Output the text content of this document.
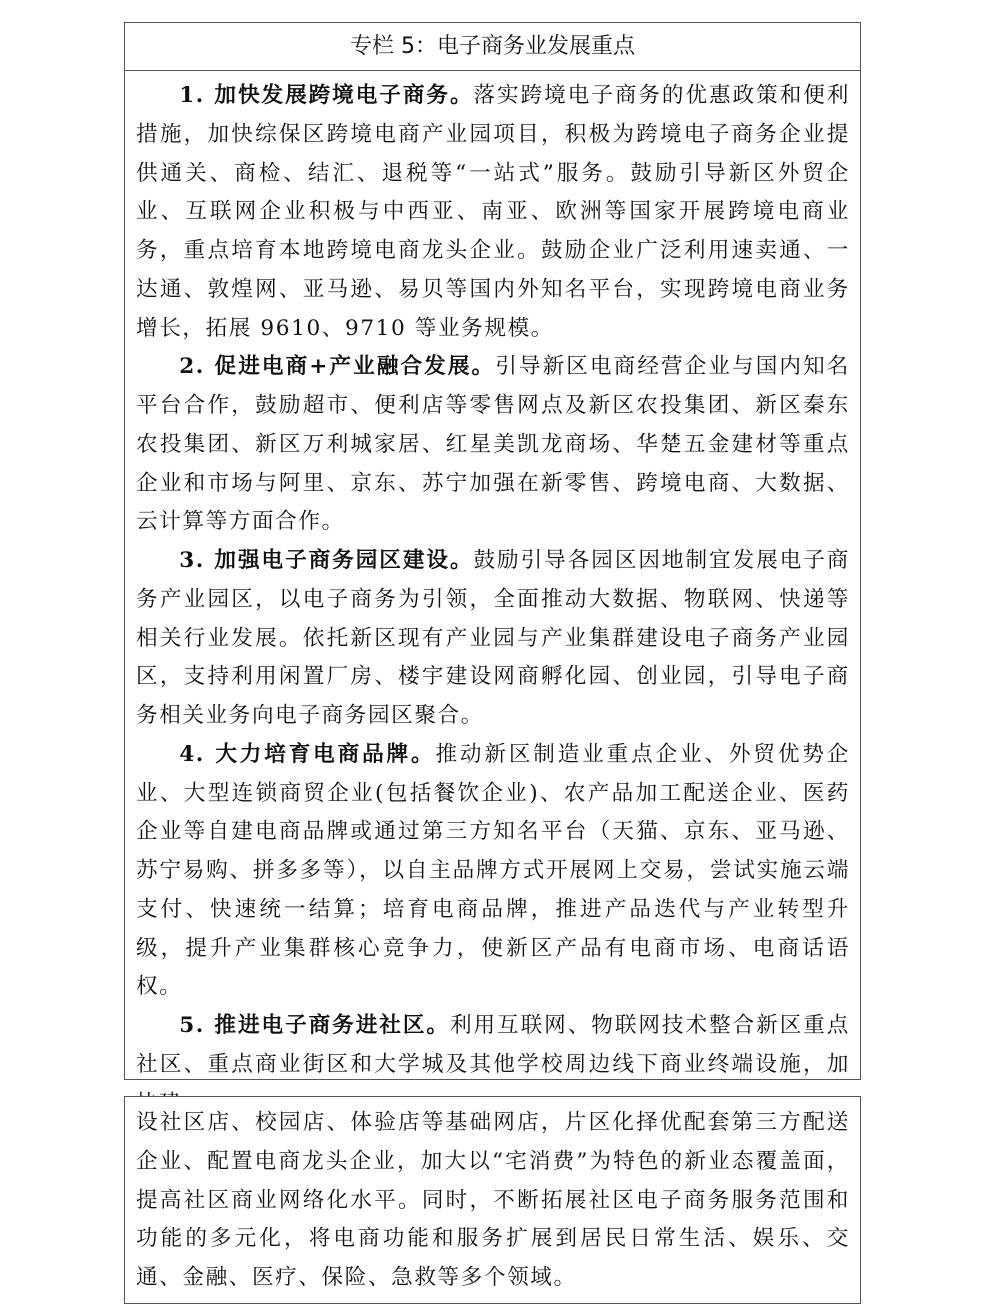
专栏 5：电子商务业发展重点

1. 加快发展跨境电子商务。落实跨境电子商务的优惠政策和便利措施，加快综保区跨境电商产业园项目，积极为跨境电子商务企业提供通关、商检、结汇、退税等“一站式”服务。鼓励引导新区外贸企业、互联网企业积极与中西亚、南亚、欧洲等国家开展跨境电商业务，重点培育本地跨境电商龙头企业。鼓励企业广泛利用速卖通、一达通、敦煌网、亚马逊、易贝等国内外知名平台，实现跨境电商业务增长，拓展 9610、9710 等业务规模。

2. 促进电商+产业融合发展。引导新区电商经营企业与国内知名平台合作，鼓励超市、便利店等零售网点及新区农投集团、新区秦东农投集团、新区万利城家居、红星美凯龙商场、华楚五金建材等重点企业和市场与阿里、京东、苏宁加强在新零售、跨境电商、大数据、云计算等方面合作。

3. 加强电子商务园区建设。鼓励引导各园区因地制宜发展电子商务产业园区，以电子商务为引领，全面推动大数据、物联网、快递等相关行业发展。依托新区现有产业园与产业集群建设电子商务产业园区，支持利用闲置厂房、楼宇建设网商孵化园、创业园，引导电子商务相关业务向电子商务园区聚合。

4. 大力培育电商品牌。推动新区制造业重点企业、外贸优势企业、大型连锁商贸企业(包括餐饮企业)、农产品加工配送企业、医药企业等自建电商品牌或通过第三方知名平台（天猫、京东、亚马逊、苏宁易购、拼多多等），以自主品牌方式开展网上交易，尝试实施云端支付、快速统一结算；培育电商品牌，推进产品迭代与产业转型升级，提升产业集群核心竞争力，使新区产品有电商市场、电商话语权。

5. 推进电子商务进社区。利用互联网、物联网技术整合新区重点社区、重点商业街区和大学城及其他学校周边线下商业终端设施，加

设社区店、校园店、体验店等基础网店，片区化择优配套第三方配送企业、配置电商龙头企业，加大以“宅消费”为特色的新业态覆盖面，提高社区商业网络化水平。同时，不断拓展社区电子商务服务范围和功能的多元化，将电商功能和服务扩展到居民日常生活、娱乐、交通、金融、医疗、保险、急救等多个领域。
